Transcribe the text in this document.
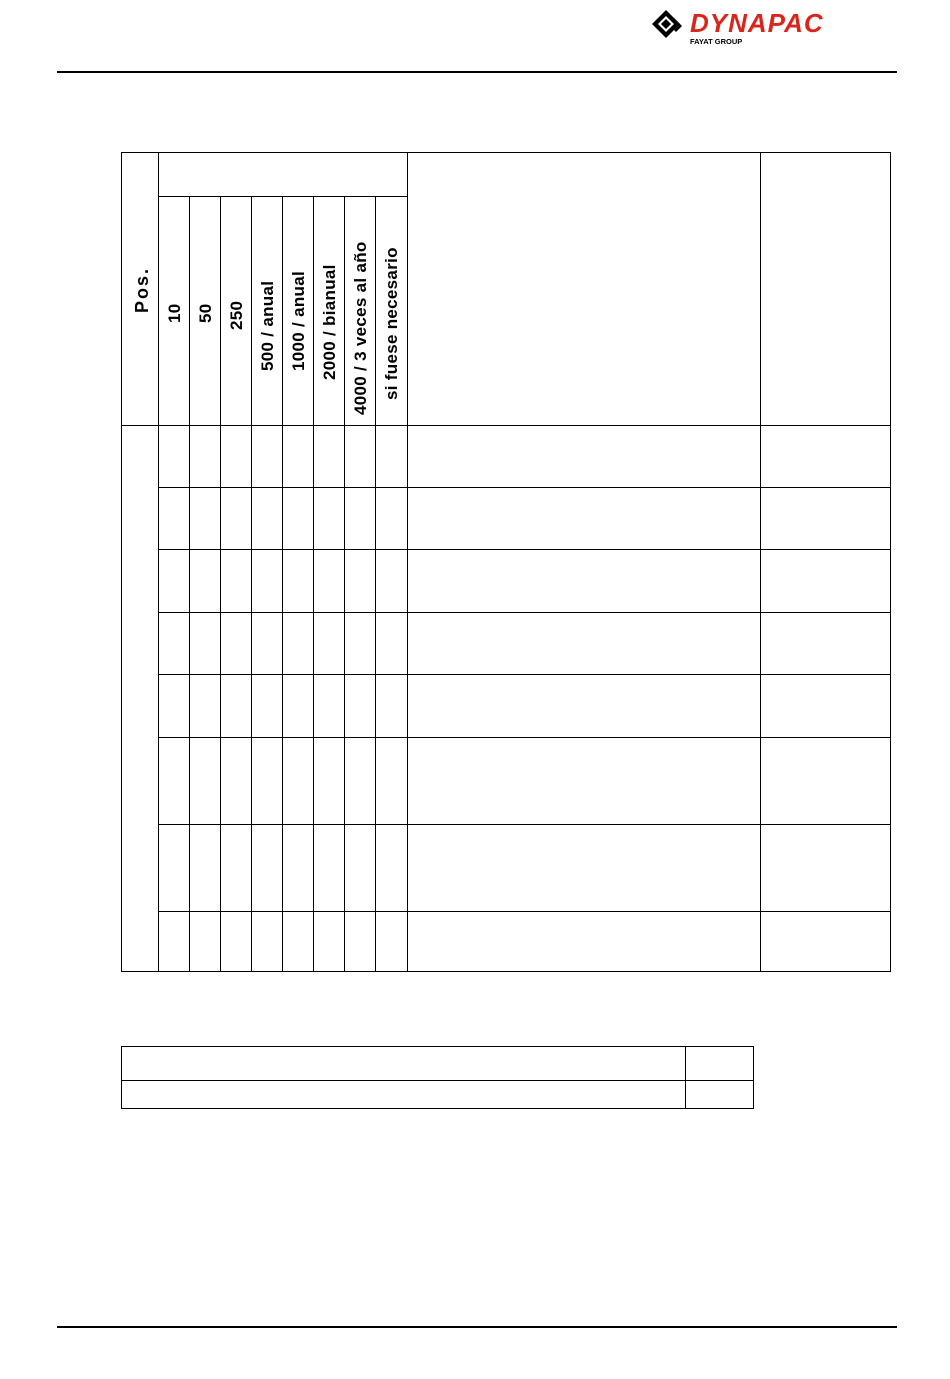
DYNAPAC
FAYAT GROUP
Pos.
10 50 250 500 / anual 1000 / anual 2000 / bianual 4000 / 3 veces al año si fuese necesario
